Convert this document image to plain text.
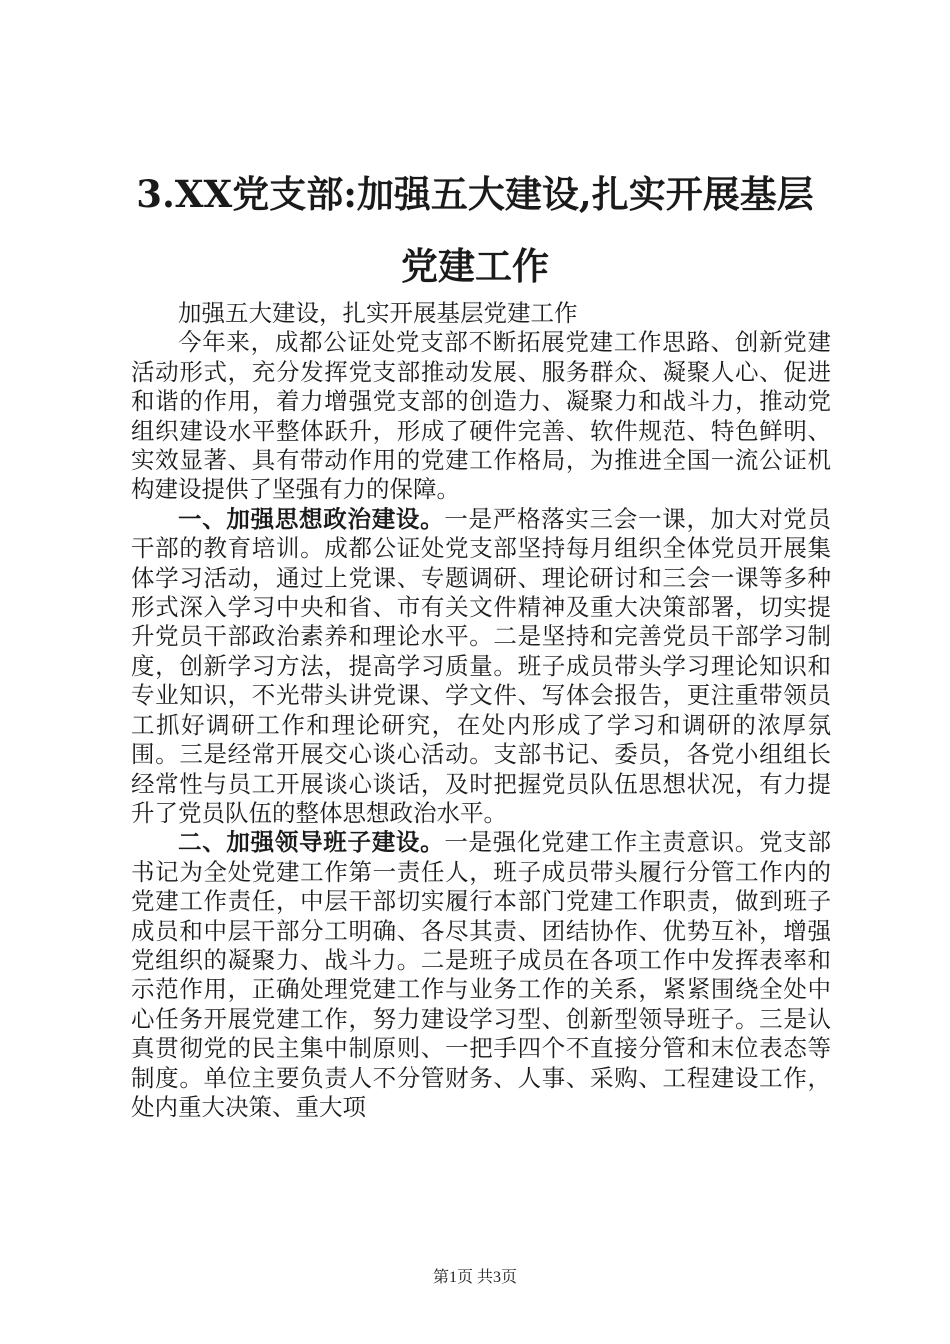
3.XX党支部:加强五大建设,扎实开展基层党建工作

加强五大建设，扎实开展基层党建工作

今年来，成都公证处党支部不断拓展党建工作思路、创新党建活动形式，充分发挥党支部推动发展、服务群众、凝聚人心、促进和谐的作用，着力增强党支部的创造力、凝聚力和战斗力，推动党组织建设水平整体跃升，形成了硬件完善、软件规范、特色鲜明、实效显著、具有带动作用的党建工作格局，为推进全国一流公证机构建设提供了坚强有力的保障。

一、加强思想政治建设。一是严格落实三会一课，加大对党员干部的教育培训。成都公证处党支部坚持每月组织全体党员开展集体学习活动，通过上党课、专题调研、理论研讨和三会一课等多种形式深入学习中央和省、市有关文件精神及重大决策部署，切实提升党员干部政治素养和理论水平。二是坚持和完善党员干部学习制度，创新学习方法，提高学习质量。班子成员带头学习理论知识和专业知识，不光带头讲党课、学文件、写体会报告，更注重带领员工抓好调研工作和理论研究，在处内形成了学习和调研的浓厚氛围。三是经常开展交心谈心活动。支部书记、委员，各党小组组长经常性与员工开展谈心谈话，及时把握党员队伍思想状况，有力提升了党员队伍的整体思想政治水平。

二、加强领导班子建设。一是强化党建工作主责意识。党支部书记为全处党建工作第一责任人，班子成员带头履行分管工作内的党建工作责任，中层干部切实履行本部门党建工作职责，做到班子成员和中层干部分工明确、各尽其责、团结协作、优势互补，增强党组织的凝聚力、战斗力。二是班子成员在各项工作中发挥表率和示范作用，正确处理党建工作与业务工作的关系，紧紧围绕全处中心任务开展党建工作，努力建设学习型、创新型领导班子。三是认真贯彻党的民主集中制原则、一把手四个不直接分管和末位表态等制度。单位主要负责人不分管财务、人事、采购、工程建设工作，处内重大决策、重大项

第1页 共3页
